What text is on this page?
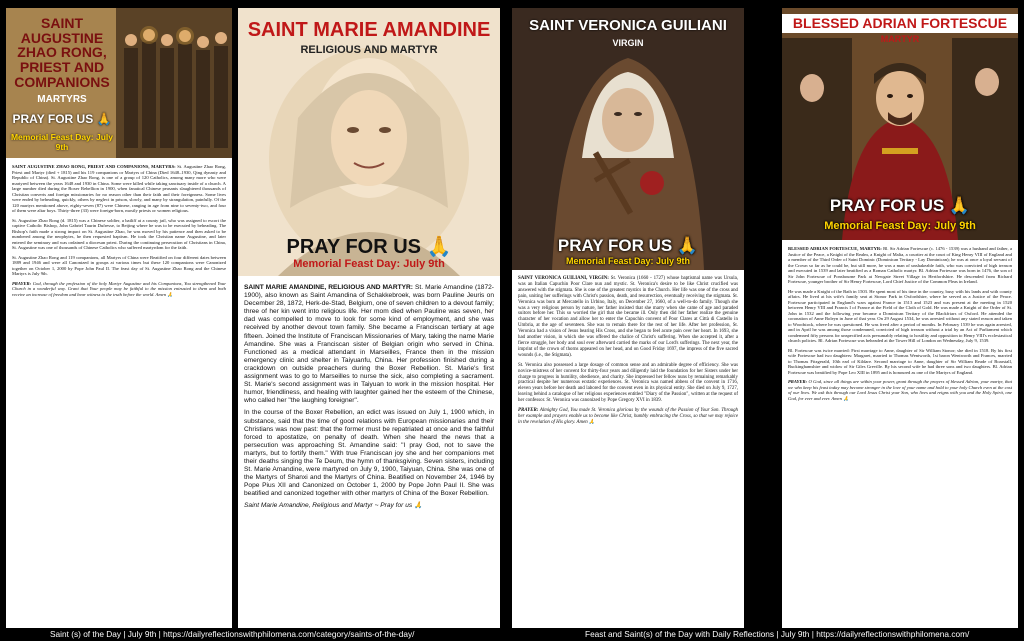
SAINT AUGUSTINE ZHAO RONG, PRIEST AND COMPANIONS
MARTYRS
PRAY FOR US 🙏
Memorial Feast Day: July 9th

SAINT AUGUSTINE ZHAO RONG, PRIEST AND COMPANIONS, MARTYRS: St. Augustine Zhao Rong, Priest and Martyr (died + 1815) and his 119 companions or Martyrs of China (Died 1648–1930, Qing dynasty and Republic of China). St. Augustine Zhao Rong, is one of a group of 120 Catholics, among many more who were martyred between the years 1648 and 1930 in China. Some were killed while taking sanctuary inside of a church. A large number died during the Boxer Rebellion in 1900, when fanatical Chinese peasants slaughtered thousands of Christian converts and foreign missionaries for no reason other than their faith and their foreignness. Some lives were ended by beheading, quickly, others by neglect in prison, slowly, and many by strangulation, painfully. Of the 120 martyrs mentioned above, eighty-seven (87) were Chinese, ranging in age from nine to seventy-two, and four of them were altar boys. Thirty-three (33) were foreign-born, mostly priests or women religious.

St. Augustine Zhao Rong (d. 1815) was a Chinese soldier, a bailiff at a county jail, who was assigned to escort the captive Catholic Bishop, John Gabriel Taurin Dufresse, to Beijing where he was to be executed by beheading. The Bishop's faith made a strong impact on St. Augustine Zhao, he was moved by his patience and then asked to be numbered among the neophytes, he then requested baptism. He took the Christian name Augustine, and later entered the seminary and was ordained a diocesan priest. During the continuing persecution of Christians in China, St. Augustine was one of thousands of Chinese Catholics who suffered martyrdom for the faith.

St. Augustine Zhao Rong and 119 companions, all Martyrs of China were Beatified on four different dates between 1889 and 1946 and were all Canonized in groups at various times but these 120 companions were Canonized together on October 1, 2000 by Pope John Paul II. The feast day of St. Augustine Zhao Rong and the Chinese Martyrs is July 9th.

PRAYER: God, through the profession of the holy Martyr Augustine and his Companions, You strengthened Your Church in a wonderful way. Grant that Your people may be faithful to the mission entrusted to them and both receive an increase of freedom and bear witness to the truth before the world. Amen 🙏

SAINT MARIE AMANDINE
RELIGIOUS AND MARTYR
PRAY FOR US 🙏
Memorial Feast Day: July 9th

SAINT MARIE AMANDINE, RELIGIOUS AND MARTYR: St. Marie Amandine (1872-1900), also known as Saint Amandina of Schakkebroek, was born Pauline Jeuris on December 28, 1872, Herk-de-Stad, Belgium, one of seven children to a devout family; three of her kin went into religious life. Her mom died when Pauline was seven, her dad was compelled to move to look for some kind of employment, and she was received by another devout town family. She became a Franciscan tertiary at age fifteen. Joined the Institute of Franciscan Missionaries of Mary, taking the name Marie Amandine. She was a Franciscan sister of Belgian origin who served in China. Functioned as a medical attendant in Marseilles, France then in the mission emergency clinic and shelter in Taiyuanfu, China. Her profession finished during a crackdown on outside preachers during the Boxer Rebellion. St. Marie's first assignment was to go to Marseilles to nurse the sick, also completing a sacrament. St. Marie's second assignment was in Taiyuan to work in the mission hospital. Her humor, friendliness, and healing with laughter gained her the esteem of the Chinese, who called her "the laughing foreigner".

In the course of the Boxer Rebellion, an edict was issued on July 1, 1900 which, in substance, said that the time of good relations with European missionaries and their Christians was now past: that the former must be repatriated at once and the faithful forced to apostatize, on penalty of death. When she heard the news that a persecution was approaching St. Amandine said: "I pray God, not to save the martyrs, but to fortify them." With true Franciscan joy she and her companions met their deaths singing the Te Deum, the hymn of thanksgiving. Seven sisters, including St. Marie Amandine, were martyred on July 9, 1900, Taiyuan, China. She was one of the Martyrs of Shanxi and the Martyrs of China. Beatified on November 24, 1946 by Pope Pius XII and Canonized on October 1, 2000 by Pope John Paul II. She was beatified and canonized together with other martyrs of China of the Boxer Rebellion.

Saint Marie Amandine, Religious and Martyr ~ Pray for us 🙏

SAINT VERONICA GUILIANI
VIRGIN
PRAY FOR US 🙏
Memorial Feast Day: July 9th

SAINT VERONICA GUILIANI, VIRGIN: St. Veronica (1660 - 1727) whose baptismal name was Ursula, was an Italian Capuchin Poor Clare nun and mystic. St. Veronica's desire to be like Christ crucified was answered with the stigmata. She is one of the greatest mystics in the Church. Her life was one of the cross and pain, uniting her sufferings with Christ's passion, death, and resurrection, eventually receiving the stigmata. St. Veronica was born at Mercatello in Urbino, Italy, on December 27, 1660, of a well-to-do family. Though she was a very religious person by nature, her father insisted that she marry when she came of age and paraded suitors before her. This so worried the girl that she became ill. Only then did her father realize the genuine character of her vocation and allow her to enter the Capuchin convent of Poor Clares at Città di Castello in Umbria, at the age of seventeen. She was to remain there for the rest of her life. After her profession, St. Veronica had a vision of Jesus bearing His Cross, and she began to feel acute pain over her heart. In 1693, she had another vision, in which she was offered the chalice of Christ's suffering. When she accepted it, after a fierce struggle, her body and soul ever afterward carried the marks of our Lord's sufferings. The next year, the imprint of the crown of thorns appeared on her head, and on Good Friday 1697, the impress of the five sacred wounds (i.e., the Stigmata).

St. Veronica also possessed a large dosage of common sense and an admirable degree of efficiency. She was novice-mistress of her convent for thirty-four years and diligently laid the foundation for her Sisters under her charge to progress in humility, obedience, and charity. She impressed her fellow nuns by remaining remarkably practical despite her numerous ecstatic experiences. St. Veronica was named abbess of the convent in 1716, eleven years before her death and labored for the convent even in its physical entity. She died on July 9, 1727, leaving behind a catalogue of her religious experiences entitled "Diary of the Passion", written at the request of her confessor. St. Veronica was canonized by Pope Gregory XVI in 1839.

PRAYER: Almighty God, You made St. Veronica glorious by the wounds of the Passion of Your Son. Through her example and prayers enable us to become like Christ, humbly embracing the Cross, so that we may rejoice in the revelation of His glory. Amen 🙏

BLESSED ADRIAN FORTESCUE
MARTYR
PRAY FOR US 🙏
Memorial Feast Day: July 9th

BLESSED ADRIAN FORTESCUE, MARTYR: Bl. Sir Adrian Fortescue (c. 1476 - 1539) was a husband and father, a Justice of the Peace, a Knight of the Realm, a Knight of Malta, a courtier at the court of King Henry VIII of England and a member of the Third Order of Saint Dominic (Dominican Tertiary - Lay Dominican); he was at once a loyal servant of the Crown so far as he could be, but still more, he was a man of unshakeable faith, who was convicted of high treason and executed in 1539 and later beatified as a Roman Catholic martyr. Bl. Adrian Fortescue was born in 1476, the son of Sir John Fortescue of Ponsbourne Park at Newgate Street Village in Hertfordshire. He descended from Richard Fortescue, younger brother of Sir Henry Fortescue, Lord Chief Justice of the Common Pleas in Ireland.

He was made a Knight of the Bath in 1503. He spent most of his time in the country, busy with his lands and with county affairs. He lived at his wife's family seat at Stonor Park in Oxfordshire, where he served as a Justice of the Peace. Fortescue participated in England's wars against France in 1513 and 1523 and was present at the meeting in 1520 between Henry VIII and Francis I of France at the Field of the Cloth of Gold. He was made a Knight of the Order of St. John in 1532 and the following year became a Dominican Tertiary of the Blackfriars of Oxford. He attended the coronation of Anne Boleyn in June of that year. On 29 August 1534, he was arrested without any stated reason and taken to Woodstock, where he was questioned. He was freed after a period of months. In February 1539 he was again arrested, and in April he was among those condemned, convicted of high treason without a trial by an Act of Parliament which condemned fifty persons for unspecified acts presumably relating to hostility and opposition to Henry VIII's ecclesiastical church policies. Bl. Adrian Fortescue was beheaded at the Tower Hill of London on Wednesday, July 9, 1539.

Bl. Fortescue was twice married: First marriage to Anne, daughter of Sir William Stonor; she died in 1518. By his first wife Fortescue had two daughters: Margaret, married to Thomas Wentworth, 1st baron Wentworth and Frances, married to Thomas Fitzgerald, 10th earl of Kildare. Second marriage to Anne, daughter of Sir William Reade of Boarstall, Buckinghamshire and widow of Sir Giles Greville. By his second wife he had three sons and two daughters. Bl. Adrian Fortescue was beatified by Pope Leo XIII in 1895 and is honoured as one of the Martyrs of England.

PRAYER: O God, since all things are within your power, grant through the prayers of blessed Adrian, your martyr, that we who keep his feast today may become stronger in the love of your name and hold to your holy Church even at the cost of our lives. We ask this through our Lord Jesus Christ your Son, who lives and reigns with you and the Holy Spirit, one God, for ever and ever. Amen 🙏

Saint (s) of the Day | July 9th | https://dailyreflectionswithphilomena.com/category/saints-of-the-day/	Feast and Saint(s) of the Day with Daily Reflections | July 9th | https://dailyreflectionswithphilomena.com/
